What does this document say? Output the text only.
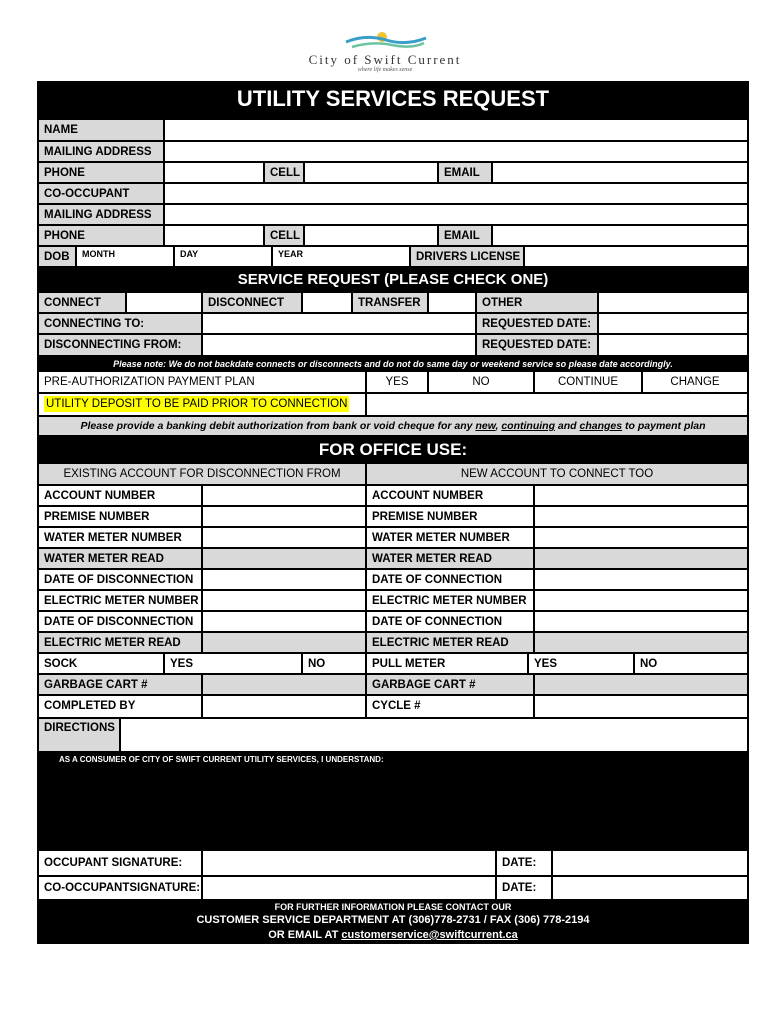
City of Swift Current
where life makes sense
UTILITY SERVICES REQUEST
NAME
MAILING ADDRESS
PHONE	CELL	EMAIL
CO-OCCUPANT
MAILING ADDRESS
PHONE	CELL	EMAIL
DOB	MONTH	DAY	YEAR	DRIVERS LICENSE
SERVICE REQUEST (PLEASE CHECK ONE)
CONNECT	DISCONNECT	TRANSFER	OTHER
CONNECTING TO:	REQUESTED DATE:
DISCONNECTING FROM:	REQUESTED DATE:
Please note: We do not backdate connects or disconnects and do not do same day or weekend service so please date accordingly.
PRE-AUTHORIZATION PAYMENT PLAN	YES	NO	CONTINUE	CHANGE
UTILITY DEPOSIT TO BE PAID PRIOR TO CONNECTION
Please provide a banking debit authorization from bank or void cheque for any new, continuing and changes to payment plan
FOR OFFICE USE:
EXISTING ACCOUNT FOR DISCONNECTION FROM	NEW ACCOUNT TO CONNECT TOO
ACCOUNT NUMBER	ACCOUNT NUMBER
PREMISE NUMBER	PREMISE NUMBER
WATER METER NUMBER	WATER METER NUMBER
WATER METER READ	WATER METER READ
DATE OF DISCONNECTION	DATE OF CONNECTION
ELECTRIC METER NUMBER	ELECTRIC METER NUMBER
DATE OF DISCONNECTION	DATE OF CONNECTION
ELECTRIC METER READ	ELECTRIC METER READ
SOCK	YES	NO	PULL METER	YES	NO
GARBAGE CART #	GARBAGE CART #
COMPLETED BY	CYCLE #
DIRECTIONS
AS A CONSUMER OF CITY OF SWIFT CURRENT UTILITY SERVICES, I UNDERSTAND:
OCCUPANT SIGNATURE:	DATE:
CO-OCCUPANTSIGNATURE:	DATE:
FOR FURTHER INFORMATION PLEASE CONTACT OUR
CUSTOMER SERVICE DEPARTMENT AT (306)778-2731 / FAX (306) 778-2194
OR EMAIL AT customerservice@swiftcurrent.ca
